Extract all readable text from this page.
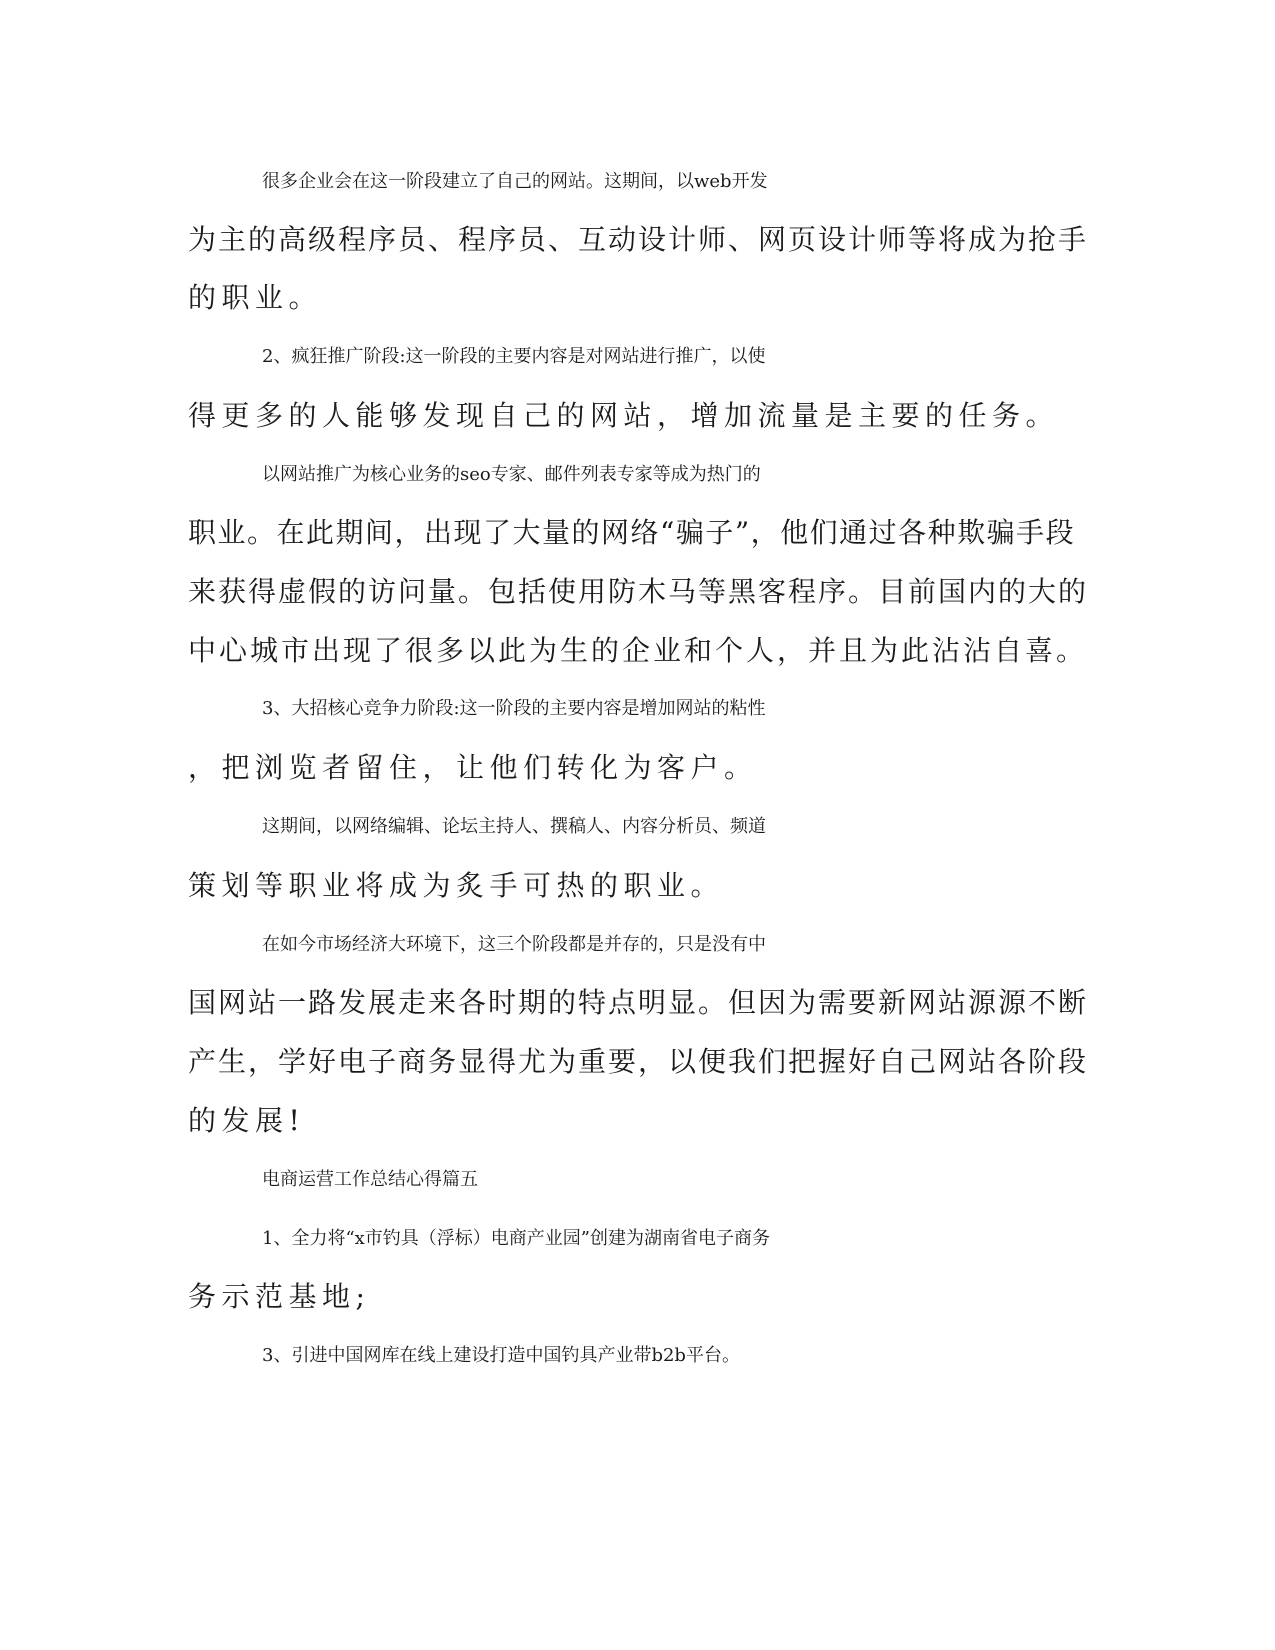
很多企业会在这一阶段建立了自己的网站。这期间，以web开发
为主的高级程序员、程序员、互动设计师、网页设计师等将成为抢手
的职业。
2、疯狂推广阶段:这一阶段的主要内容是对网站进行推广，以使
得更多的人能够发现自己的网站，增加流量是主要的任务。
以网站推广为核心业务的seo专家、邮件列表专家等成为热门的
职业。在此期间，出现了大量的网络“骗子”，他们通过各种欺骗手段
来获得虚假的访问量。包括使用防木马等黑客程序。目前国内的大的
中心城市出现了很多以此为生的企业和个人，并且为此沾沾自喜。
3、大招核心竞争力阶段:这一阶段的主要内容是增加网站的粘性
，把浏览者留住，让他们转化为客户。
这期间，以网络编辑、论坛主持人、撰稿人、内容分析员、频道
策划等职业将成为炙手可热的职业。
在如今市场经济大环境下，这三个阶段都是并存的，只是没有中
国网站一路发展走来各时期的特点明显。但因为需要新网站源源不断
产生，学好电子商务显得尤为重要，以便我们把握好自己网站各阶段
的发展!
电商运营工作总结心得篇五
1、全力将“x市钓具（浮标）电商产业园”创建为湖南省电子商务
务示范基地;
3、引进中国网库在线上建设打造中国钓具产业带b2b平台。
